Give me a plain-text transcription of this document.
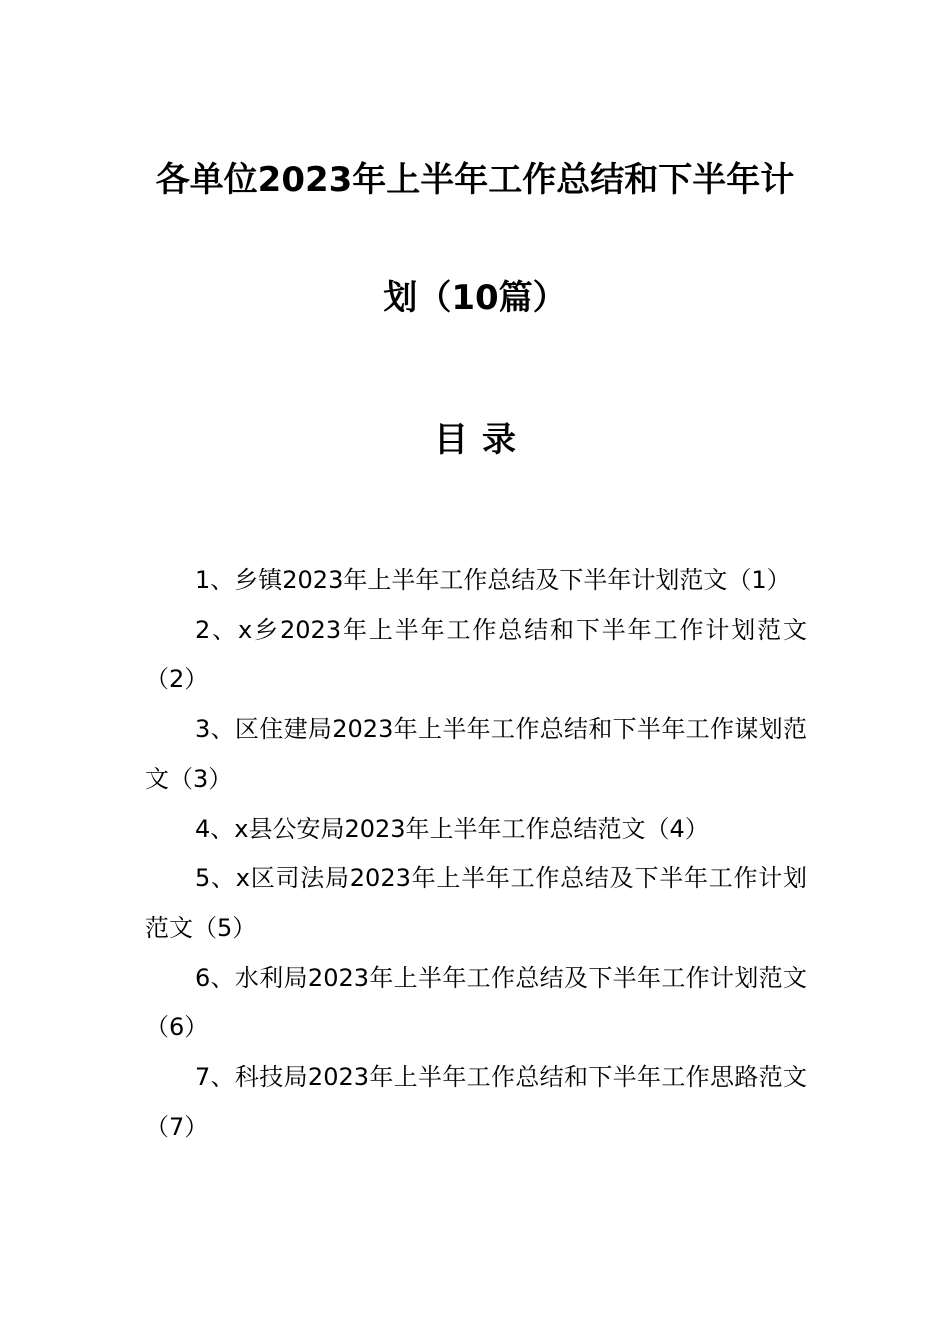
各单位2023年上半年工作总结和下半年计
划（10篇）
目录

1、乡镇2023年上半年工作总结及下半年计划范文（1）

2、x乡2023年上半年工作总结和下半年工作计划范文（2）

3、区住建局2023年上半年工作总结和下半年工作谋划范文（3）

4、x县公安局2023年上半年工作总结范文（4）

5、x区司法局2023年上半年工作总结及下半年工作计划范文（5）

6、水利局2023年上半年工作总结及下半年工作计划范文（6）

7、科技局2023年上半年工作总结和下半年工作思路范文（7）
